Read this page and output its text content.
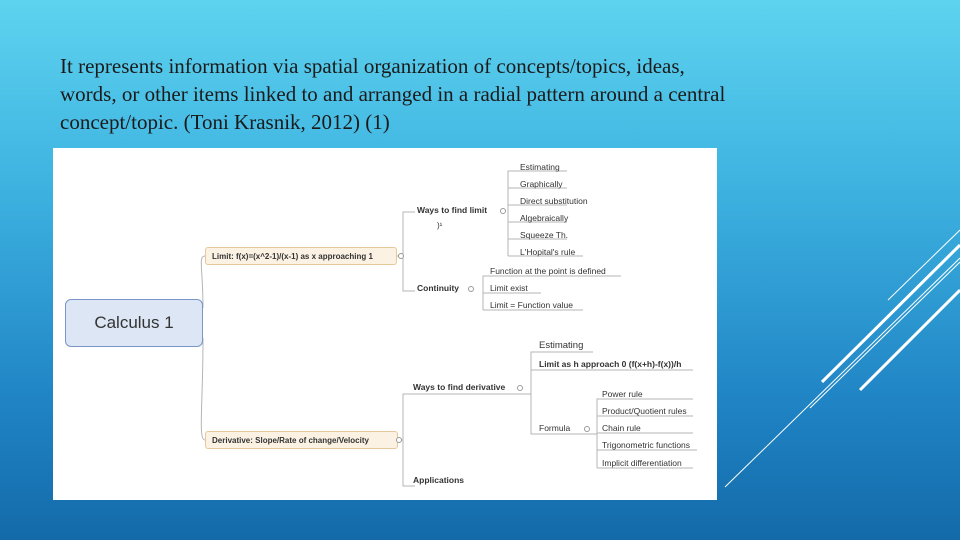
It represents information via spatial organization of concepts/topics, ideas, words, or other items linked to and arranged in a radial pattern around a central concept/topic. (Toni Krasnik, 2012) (1)
Calculus 1
Limit: f(x)=(x^2-1)/(x-1) as x approaching 1
Ways to find limit
)¹
Estimating
Graphically
Direct substitution
Algebraically
Squeeze Th.
L'Hopital's rule
Continuity
Function at the point is defined
Limit exist
Limit = Function value
Derivative: Slope/Rate of change/Velocity
Ways to find derivative
Estimating
Limit as h approach 0 (f(x+h)-f(x))/h
Formula
Power rule
Product/Quotient rules
Chain rule
Trigonometric functions
Implicit differentiation
Applications
